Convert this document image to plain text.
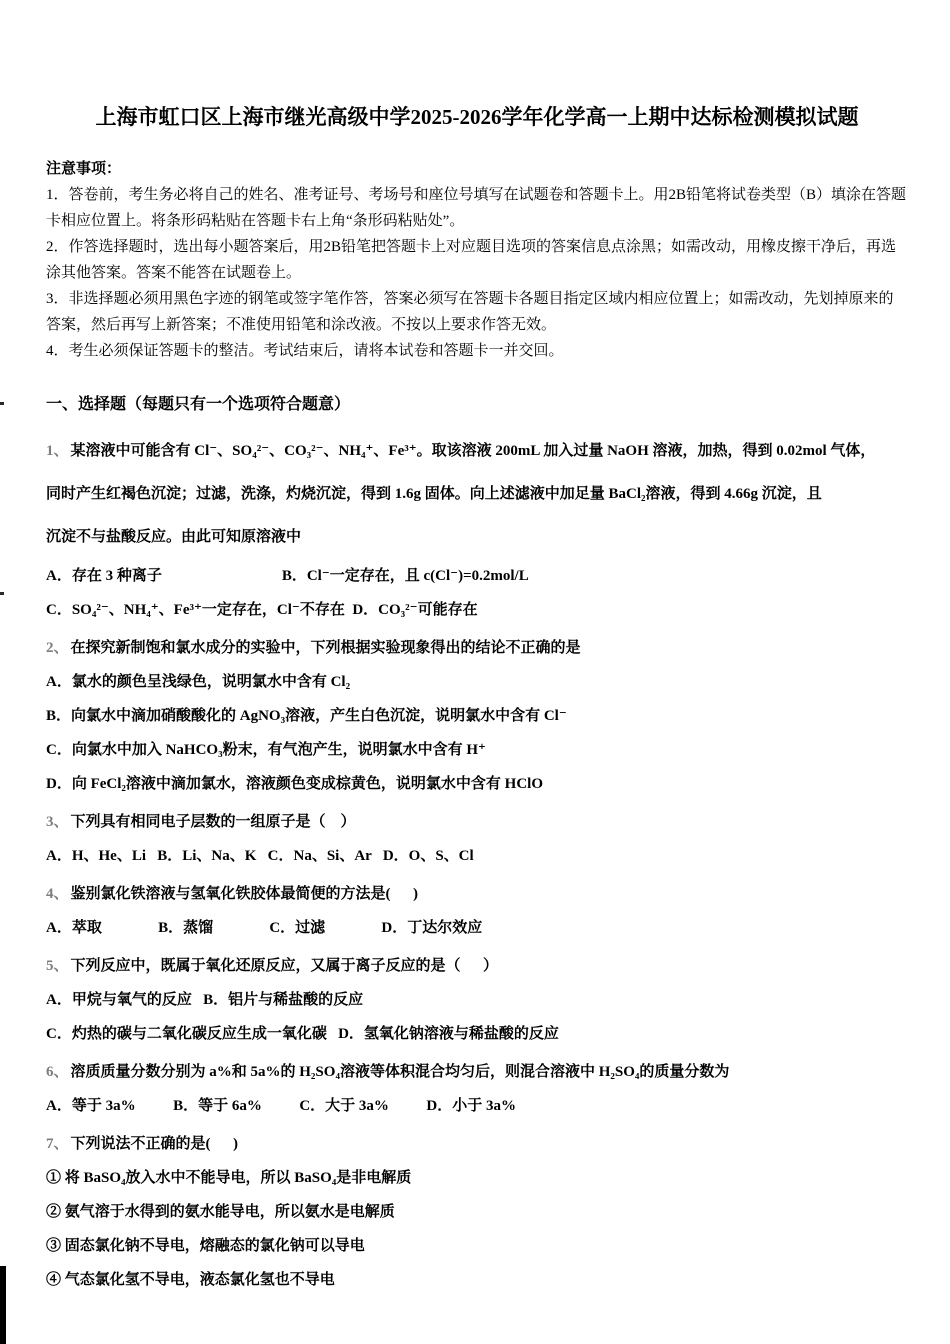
上海市虹口区上海市继光高级中学2025-2026学年化学高一上期中达标检测模拟试题
注意事项：
1．答卷前，考生务必将自己的姓名、准考证号、考场号和座位号填写在试题卷和答题卡上。用2B铅笔将试卷类型（B）填涂在答题卡相应位置上。将条形码粘贴在答题卡右上角“条形码粘贴处”。
2．作答选择题时，选出每小题答案后，用2B铅笔把答题卡上对应题目选项的答案信息点涂黑；如需改动，用橡皮擦干净后，再选涂其他答案。答案不能答在试题卷上。
3．非选择题必须用黑色字迹的钢笔或签字笔作答，答案必须写在答题卡各题目指定区域内相应位置上；如需改动，先划掉原来的答案，然后再写上新答案；不准使用铅笔和涂改液。不按以上要求作答无效。
4．考生必须保证答题卡的整洁。考试结束后，请将本试卷和答题卡一并交回。
一、选择题（每题只有一个选项符合题意）
1、 某溶液中可能含有 Cl⁻、SO₄²⁻、CO₃²⁻、NH₄⁺、Fe³⁺。取该溶液 200mL 加入过量 NaOH 溶液，加热，得到 0.02mol 气体，
同时产生红褐色沉淀；过滤，洗涤，灼烧沉淀，得到 1.6g 固体。向上述滤液中加足量 BaCl₂溶液，得到 4.66g 沉淀，且
沉淀不与盐酸反应。由此可知原溶液中
A．存在 3 种离子                                B．Cl⁻一定存在，且 c(Cl⁻)=0.2mol/L
C．SO₄²⁻、NH₄⁺、Fe³⁺一定存在，Cl⁻不存在  D．CO₃²⁻可能存在
2、 在探究新制饱和氯水成分的实验中，下列根据实验现象得出的结论不正确的是
A．氯水的颜色呈浅绿色，说明氯水中含有 Cl₂
B．向氯水中滴加硝酸酸化的 AgNO₃溶液，产生白色沉淀，说明氯水中含有 Cl⁻
C．向氯水中加入 NaHCO₃粉末，有气泡产生，说明氯水中含有 H⁺
D．向 FeCl₂溶液中滴加氯水，溶液颜色变成棕黄色，说明氯水中含有 HClO
3、 下列具有相同电子层数的一组原子是（　）
A．H、He、Li   B．Li、Na、K   C．Na、Si、Ar   D．O、S、Cl
4、 鉴别氯化铁溶液与氢氧化铁胶体最简便的方法是(      )
A．萃取               B．蒸馏               C．过滤               D．丁达尔效应
5、 下列反应中，既属于氧化还原反应，又属于离子反应的是（      ）
A．甲烷与氧气的反应   B．铝片与稀盐酸的反应
C．灼热的碳与二氧化碳反应生成一氧化碳   D．氢氧化钠溶液与稀盐酸的反应
6、 溶质质量分数分别为 a%和 5a%的 H₂SO₄溶液等体积混合均匀后，则混合溶液中 H₂SO₄的质量分数为
A．等于 3a%          B．等于 6a%          C．大于 3a%          D．小于 3a%
7、 下列说法不正确的是(      )
① 将 BaSO₄放入水中不能导电，所以 BaSO₄是非电解质
② 氨气溶于水得到的氨水能导电，所以氨水是电解质
③ 固态氯化钠不导电，熔融态的氯化钠可以导电
④ 气态氯化氢不导电，液态氯化氢也不导电
